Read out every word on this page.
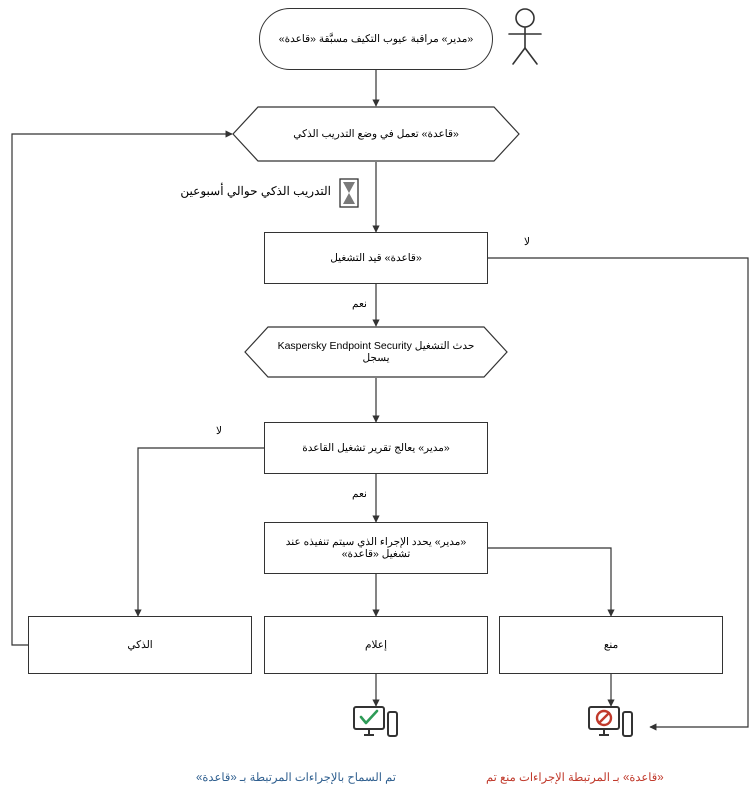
«مدير» مراقبة عيوب التكيف مسبَّقة «قاعدة»
«قاعدة» تعمل في وضع التدريب الذكي
التدريب الذكي حوالي أسبوعين
«قاعدة» قيد التشغيل
لا
نعم
حدث التشغيل Kaspersky Endpoint Security يسجل
«مدير» يعالج تقرير تشغيل القاعدة
لا
نعم
«مدير» يحدد الإجراء الذي سيتم تنفيذه عند تشغيل «قاعدة»
الذكي	إعلام	منع
تم السماح بالإجراءات المرتبطة بـ «قاعدة»	«قاعدة» بـ المرتبطة الإجراءات منع تم
